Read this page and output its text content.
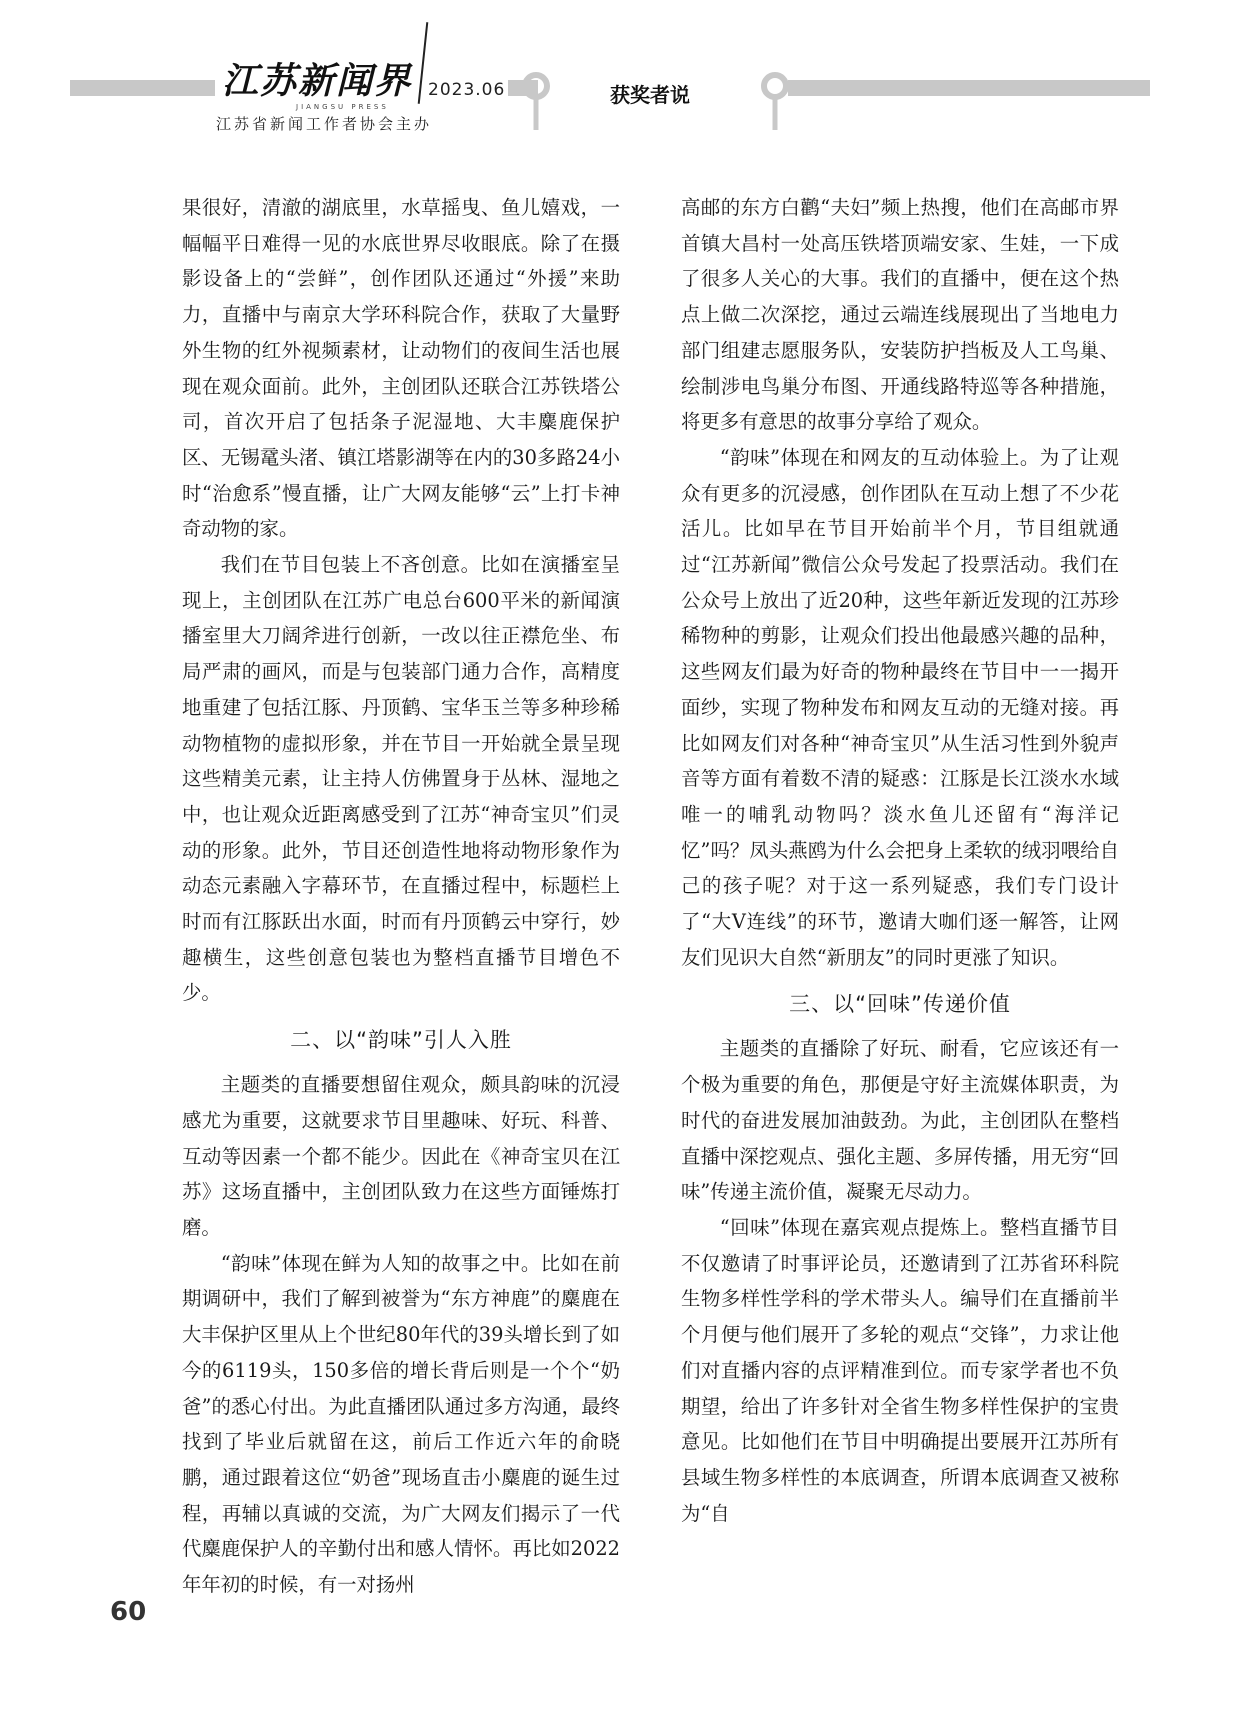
江苏新闻界
JIANGSU PRESS
2023.06
江苏省新闻工作者协会主办
获奖者说

果很好，清澈的湖底里，水草摇曳、鱼儿嬉戏，一幅幅平日难得一见的水底世界尽收眼底。除了在摄影设备上的“尝鲜”，创作团队还通过“外援”来助力，直播中与南京大学环科院合作，获取了大量野外生物的红外视频素材，让动物们的夜间生活也展现在观众面前。此外，主创团队还联合江苏铁塔公司，首次开启了包括条子泥湿地、大丰麋鹿保护区、无锡鼋头渚、镇江塔影湖等在内的30多路24小时“治愈系”慢直播，让广大网友能够“云”上打卡神奇动物的家。

我们在节目包装上不吝创意。比如在演播室呈现上，主创团队在江苏广电总台600平米的新闻演播室里大刀阔斧进行创新，一改以往正襟危坐、布局严肃的画风，而是与包装部门通力合作，高精度地重建了包括江豚、丹顶鹤、宝华玉兰等多种珍稀动物植物的虚拟形象，并在节目一开始就全景呈现这些精美元素，让主持人仿佛置身于丛林、湿地之中，也让观众近距离感受到了江苏“神奇宝贝”们灵动的形象。此外，节目还创造性地将动物形象作为动态元素融入字幕环节，在直播过程中，标题栏上时而有江豚跃出水面，时而有丹顶鹤云中穿行，妙趣横生，这些创意包装也为整档直播节目增色不少。

二、以“韵味”引人入胜

主题类的直播要想留住观众，颇具韵味的沉浸感尤为重要，这就要求节目里趣味、好玩、科普、互动等因素一个都不能少。因此在《神奇宝贝在江苏》这场直播中，主创团队致力在这些方面锤炼打磨。

“韵味”体现在鲜为人知的故事之中。比如在前期调研中，我们了解到被誉为“东方神鹿”的麋鹿在大丰保护区里从上个世纪80年代的39头增长到了如今的6119头，150多倍的增长背后则是一个个“奶爸”的悉心付出。为此直播团队通过多方沟通，最终找到了毕业后就留在这，前后工作近六年的俞晓鹏，通过跟着这位“奶爸”现场直击小麋鹿的诞生过程，再辅以真诚的交流，为广大网友们揭示了一代代麋鹿保护人的辛勤付出和感人情怀。再比如2022年年初的时候，有一对扬州

高邮的东方白鹳“夫妇”频上热搜，他们在高邮市界首镇大昌村一处高压铁塔顶端安家、生娃，一下成了很多人关心的大事。我们的直播中，便在这个热点上做二次深挖，通过云端连线展现出了当地电力部门组建志愿服务队，安装防护挡板及人工鸟巢、绘制涉电鸟巢分布图、开通线路特巡等各种措施，将更多有意思的故事分享给了观众。

“韵味”体现在和网友的互动体验上。为了让观众有更多的沉浸感，创作团队在互动上想了不少花活儿。比如早在节目开始前半个月，节目组就通过“江苏新闻”微信公众号发起了投票活动。我们在公众号上放出了近20种，这些年新近发现的江苏珍稀物种的剪影，让观众们投出他最感兴趣的品种，这些网友们最为好奇的物种最终在节目中一一揭开面纱，实现了物种发布和网友互动的无缝对接。再比如网友们对各种“神奇宝贝”从生活习性到外貌声音等方面有着数不清的疑惑：江豚是长江淡水水域唯一的哺乳动物吗？淡水鱼儿还留有“海洋记忆”吗？凤头燕鸥为什么会把身上柔软的绒羽喂给自己的孩子呢？对于这一系列疑惑，我们专门设计了“大V连线”的环节，邀请大咖们逐一解答，让网友们见识大自然“新朋友”的同时更涨了知识。

三、以“回味”传递价值

主题类的直播除了好玩、耐看，它应该还有一个极为重要的角色，那便是守好主流媒体职责，为时代的奋进发展加油鼓劲。为此，主创团队在整档直播中深挖观点、强化主题、多屏传播，用无穷“回味”传递主流价值，凝聚无尽动力。

“回味”体现在嘉宾观点提炼上。整档直播节目不仅邀请了时事评论员，还邀请到了江苏省环科院生物多样性学科的学术带头人。编导们在直播前半个月便与他们展开了多轮的观点“交锋”，力求让他们对直播内容的点评精准到位。而专家学者也不负期望，给出了许多针对全省生物多样性保护的宝贵意见。比如他们在节目中明确提出要展开江苏所有县域生物多样性的本底调查，所谓本底调查又被称为“自

60
